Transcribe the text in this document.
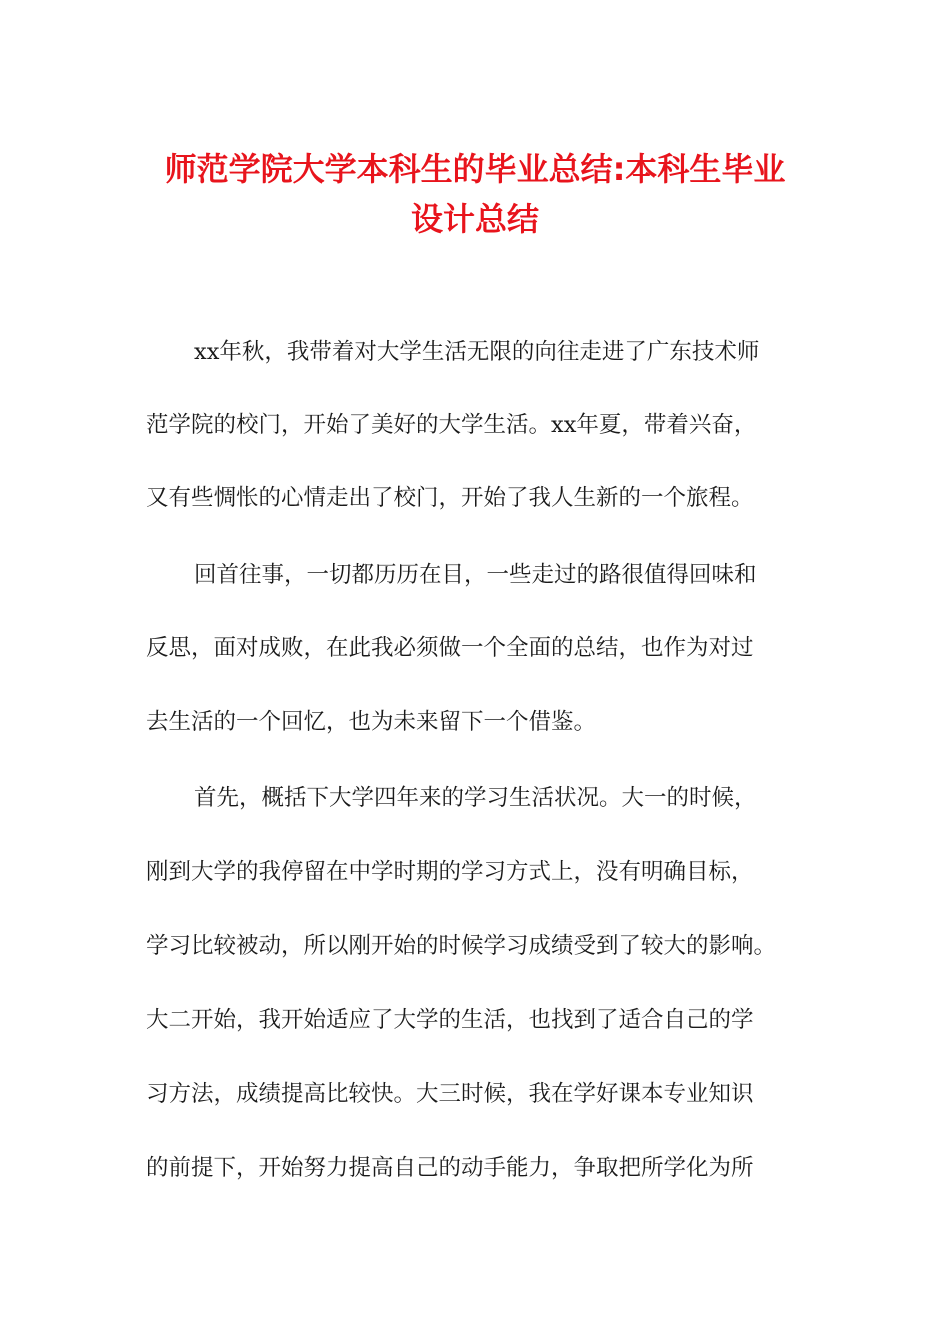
师范学院大学本科生的毕业总结:本科生毕业
设计总结

xx年秋，我带着对大学生活无限的向往走进了广东技术师

范学院的校门，开始了美好的大学生活。xx年夏，带着兴奋，

又有些惆怅的心情走出了校门，开始了我人生新的一个旅程。

回首往事，一切都历历在目，一些走过的路很值得回味和

反思，面对成败，在此我必须做一个全面的总结，也作为对过

去生活的一个回忆，也为未来留下一个借鉴。

首先，概括下大学四年来的学习生活状况。大一的时候，

刚到大学的我停留在中学时期的学习方式上，没有明确目标，

学习比较被动，所以刚开始的时候学习成绩受到了较大的影响。

大二开始，我开始适应了大学的生活，也找到了适合自己的学

习方法，成绩提高比较快。大三时候，我在学好课本专业知识

的前提下，开始努力提高自己的动手能力，争取把所学化为所
